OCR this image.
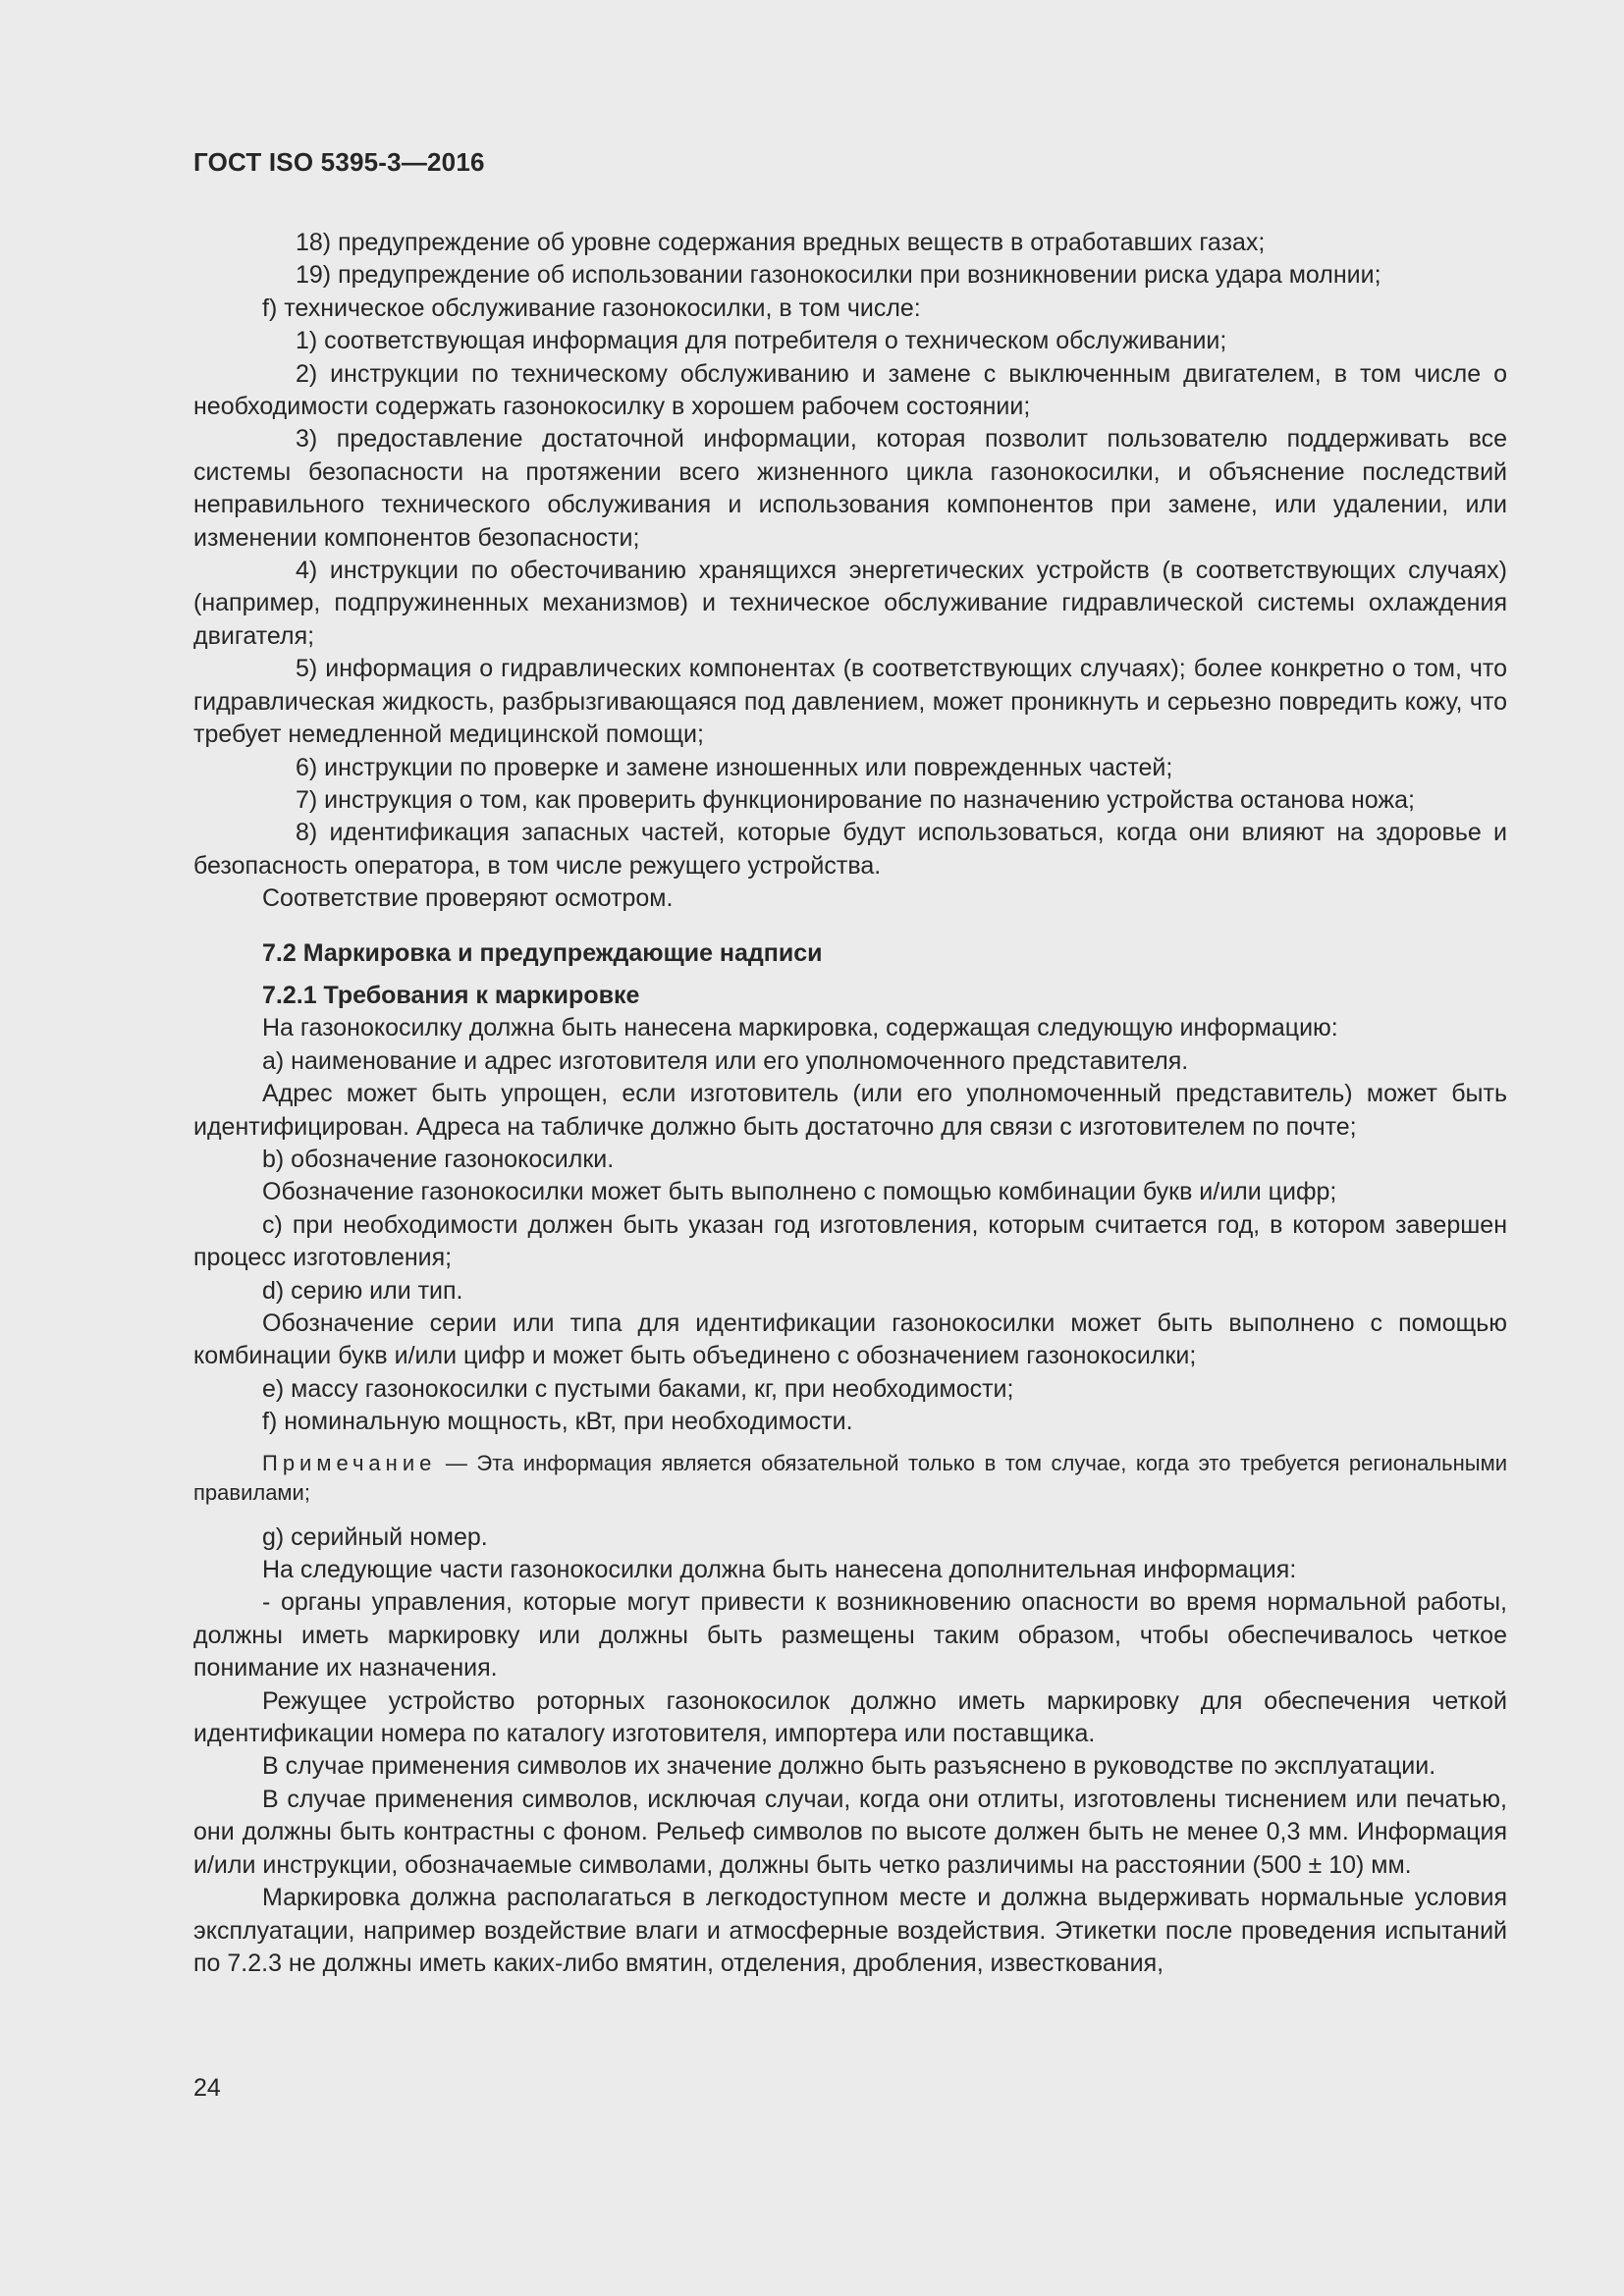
ГОСТ ISO 5395-3—2016

18) предупреждение об уровне содержания вредных веществ в отработавших газах;

19) предупреждение об использовании газонокосилки при возникновении риска удара молнии;

f) техническое обслуживание газонокосилки, в том числе:

1) соответствующая информация для потребителя о техническом обслуживании;

2) инструкции по техническому обслуживанию и замене с выключенным двигателем, в том числе о необходимости содержать газонокосилку в хорошем рабочем состоянии;

3) предоставление достаточной информации, которая позволит пользователю поддерживать все системы безопасности на протяжении всего жизненного цикла газонокосилки, и объяснение последствий неправильного технического обслуживания и использования компонентов при замене, или удалении, или изменении компонентов безопасности;

4) инструкции по обесточиванию хранящихся энергетических устройств (в соответствующих случаях) (например, подпружиненных механизмов) и техническое обслуживание гидравлической системы охлаждения двигателя;

5) информация о гидравлических компонентах (в соответствующих случаях); более конкретно о том, что гидравлическая жидкость, разбрызгивающаяся под давлением, может проникнуть и серьезно повредить кожу, что требует немедленной медицинской помощи;

6) инструкции по проверке и замене изношенных или поврежденных частей;

7) инструкция о том, как проверить функционирование по назначению устройства останова ножа;

8) идентификация запасных частей, которые будут использоваться, когда они влияют на здоровье и безопасность оператора, в том числе режущего устройства.

Соответствие проверяют осмотром.

7.2 Маркировка и предупреждающие надписи

7.2.1 Требования к маркировке

На газонокосилку должна быть нанесена маркировка, содержащая следующую информацию:

a) наименование и адрес изготовителя или его уполномоченного представителя.

Адрес может быть упрощен, если изготовитель (или его уполномоченный представитель) может быть идентифицирован. Адреса на табличке должно быть достаточно для связи с изготовителем по почте;

b) обозначение газонокосилки.

Обозначение газонокосилки может быть выполнено с помощью комбинации букв и/или цифр;

c) при необходимости должен быть указан год изготовления, которым считается год, в котором завершен процесс изготовления;

d) серию или тип.

Обозначение серии или типа для идентификации газонокосилки может быть выполнено с помощью комбинации букв и/или цифр и может быть объединено с обозначением газонокосилки;

e) массу газонокосилки с пустыми баками, кг, при необходимости;

f) номинальную мощность, кВт, при необходимости.

Примечание — Эта информация является обязательной только в том случае, когда это требуется региональными правилами;

g) серийный номер.

На следующие части газонокосилки должна быть нанесена дополнительная информация:

- органы управления, которые могут привести к возникновению опасности во время нормальной работы, должны иметь маркировку или должны быть размещены таким образом, чтобы обеспечивалось четкое понимание их назначения.

Режущее устройство роторных газонокосилок должно иметь маркировку для обеспечения четкой идентификации номера по каталогу изготовителя, импортера или поставщика.

В случае применения символов их значение должно быть разъяснено в руководстве по эксплуатации.

В случае применения символов, исключая случаи, когда они отлиты, изготовлены тиснением или печатью, они должны быть контрастны с фоном. Рельеф символов по высоте должен быть не менее 0,3 мм. Информация и/или инструкции, обозначаемые символами, должны быть четко различимы на расстоянии (500 ± 10) мм.

Маркировка должна располагаться в легкодоступном месте и должна выдерживать нормальные условия эксплуатации, например воздействие влаги и атмосферные воздействия. Этикетки после проведения испытаний по 7.2.3 не должны иметь каких-либо вмятин, отделения, дробления, известкования,

24
